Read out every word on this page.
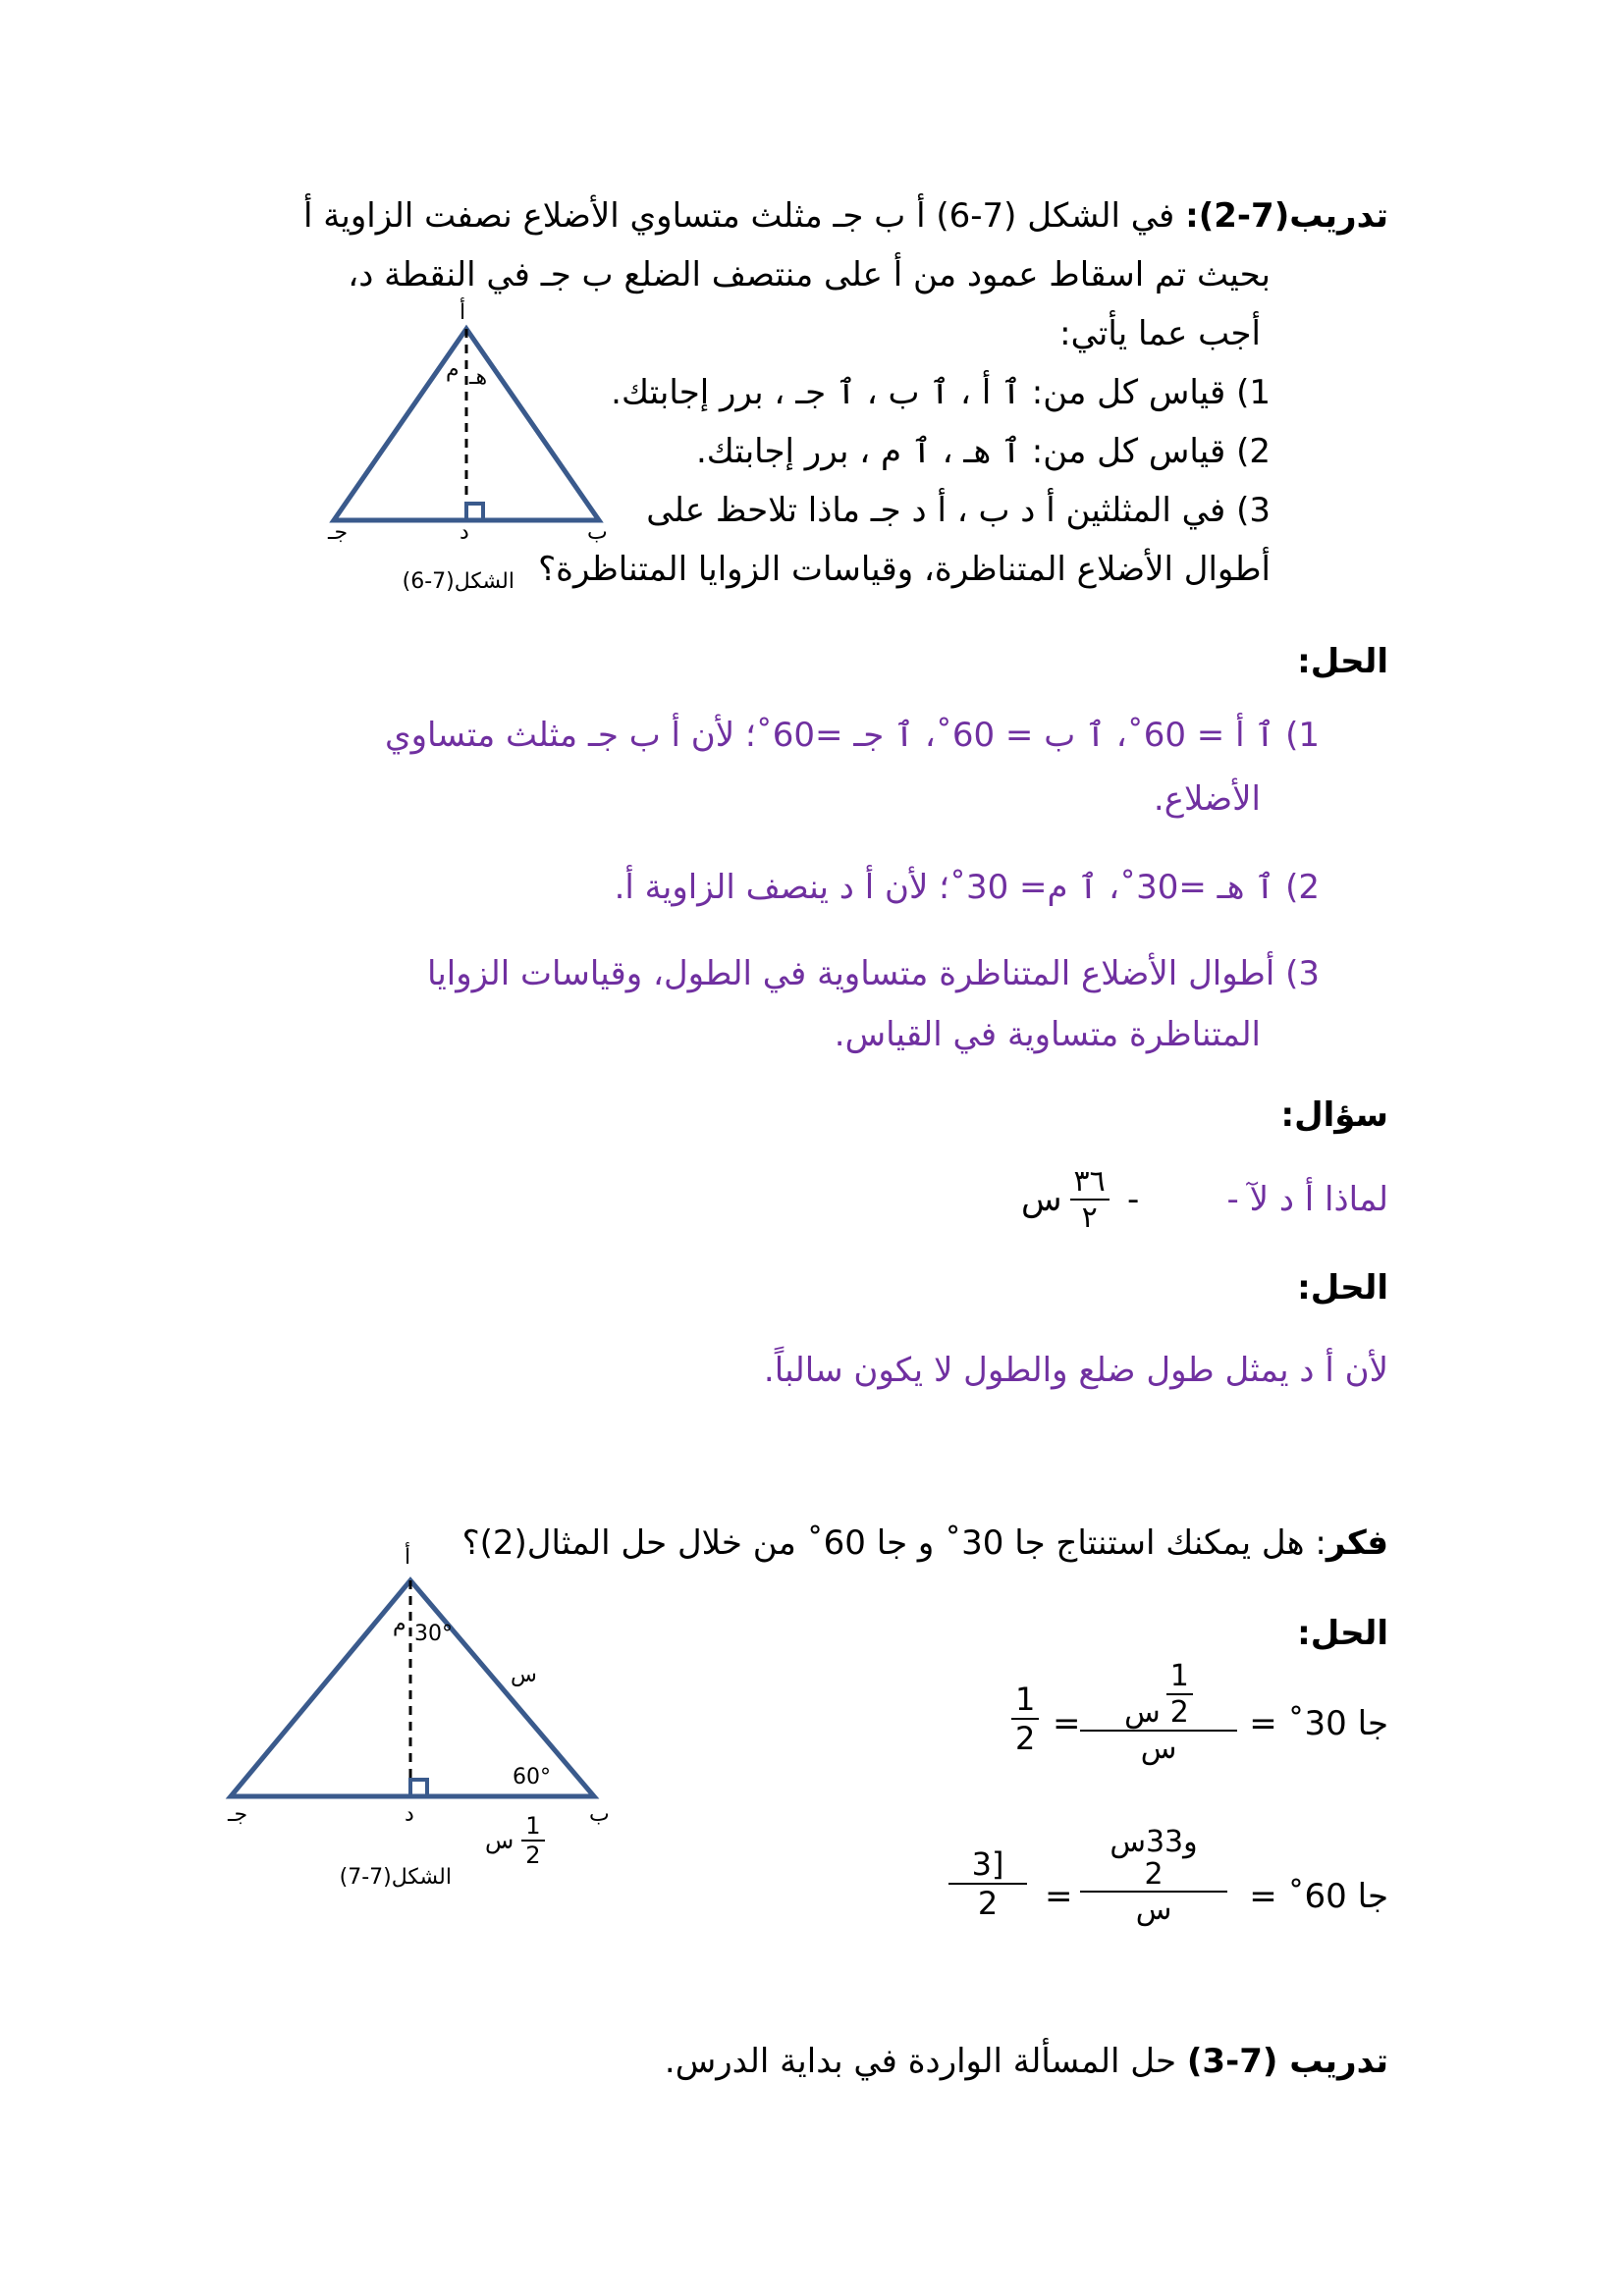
تدريب(7-2): في الشكل (7-6) أ ب جـ مثلث متساوي الأضلاع نصفت الزاوية أ
بحيث تم اسقاط عمود من أ على منتصف الضلع ب جـ في النقطة د،
أجب عما يأتي:
1) قياس كل من: ٱ أ ، ٱ ب ، ٱ جـ ، برر إجابتك.
2) قياس كل من: ٱ هـ ، ٱ م ، برر إجابتك.
3) في المثلثين أ د ب ، أ د جـ ماذا تلاحظ على
أطوال الأضلاع المتناظرة، وقياسات الزوايا المتناظرة؟
أ
هـ
م
جـ	د	ب
الشكل(7-6)
الحل:
1) ٱ أ = 60˚، ٱ ب = 60˚، ٱ جـ =60˚؛ لأن أ ب جـ مثلث متساوي
الأضلاع.
2) ٱ هـ =30˚، ٱ م= 30˚؛ لأن أ د ينصف الزاوية أ.
3) أطوال الأضلاع المتناظرة متساوية في الطول، وقياسات الزوايا
المتناظرة متساوية في القياس.
سؤال:
لماذا أ د لآ -
-
س $\frac{٣٦}{٢}$
الحل:
لأن أ د يمثل طول ضلع والطول لا يكون سالباً.
فكر: هل يمكنك استنتاج جا 30˚ و جا 60˚ من خلال حل المثال(2)؟
الحل:
أ
م 30°
س
60°
جـ	د	ب
س $\frac{1}{2}$
الشكل(7-7)
جا 30˚ =
س $\frac{1}{2}$
س
=
$\frac{1}{2}$
جا 60˚ =
و33س
2
س
=
$\frac{3]}{2}$
تدريب (7-3) حل المسألة الواردة في بداية الدرس.
